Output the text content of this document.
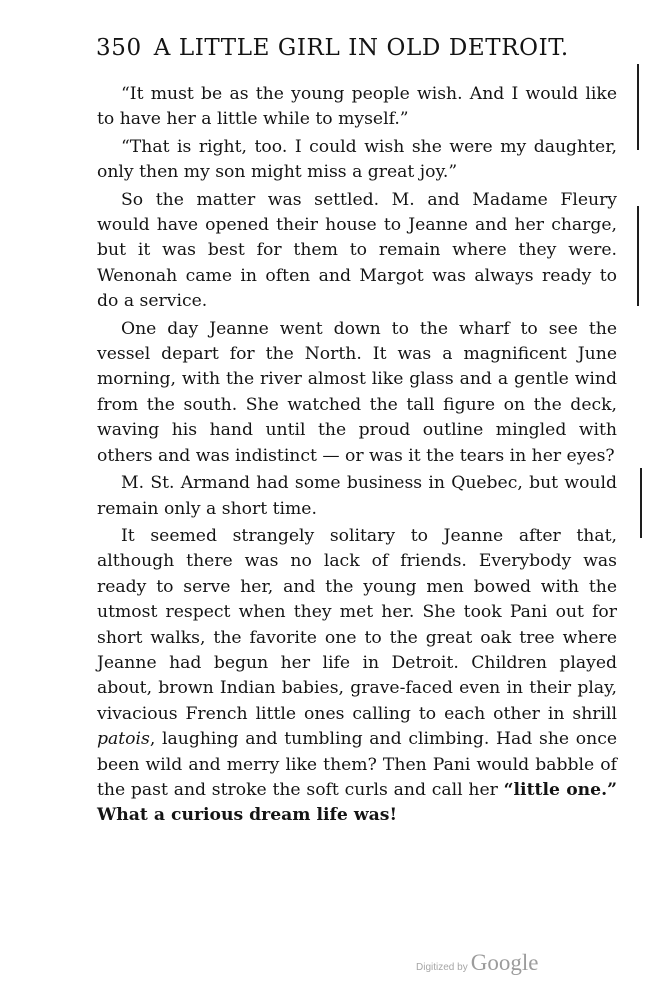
350 A LITTLE GIRL IN OLD DETROIT.

“It must be as the young people wish. And I would like to have her a little while to myself.”

“That is right, too. I could wish she were my daughter, only then my son might miss a great joy.”

So the matter was settled. M. and Madame Fleury would have opened their house to Jeanne and her charge, but it was best for them to remain where they were. Wenonah came in often and Margot was always ready to do a service.

One day Jeanne went down to the wharf to see the vessel depart for the North. It was a magnificent June morning, with the river almost like glass and a gentle wind from the south. She watched the tall figure on the deck, waving his hand until the proud outline mingled with others and was indistinct — or was it the tears in her eyes?

M. St. Armand had some business in Quebec, but would remain only a short time.

It seemed strangely solitary to Jeanne after that, although there was no lack of friends. Everybody was ready to serve her, and the young men bowed with the utmost respect when they met her. She took Pani out for short walks, the favorite one to the great oak tree where Jeanne had begun her life in Detroit. Children played about, brown Indian babies, grave-faced even in their play, vivacious French little ones calling to each other in shrill patois, laughing and tumbling and climbing. Had she once been wild and merry like them? Then Pani would babble of the past and stroke the soft curls and call her “little one.” What a curious dream life was!

Digitized by Google
